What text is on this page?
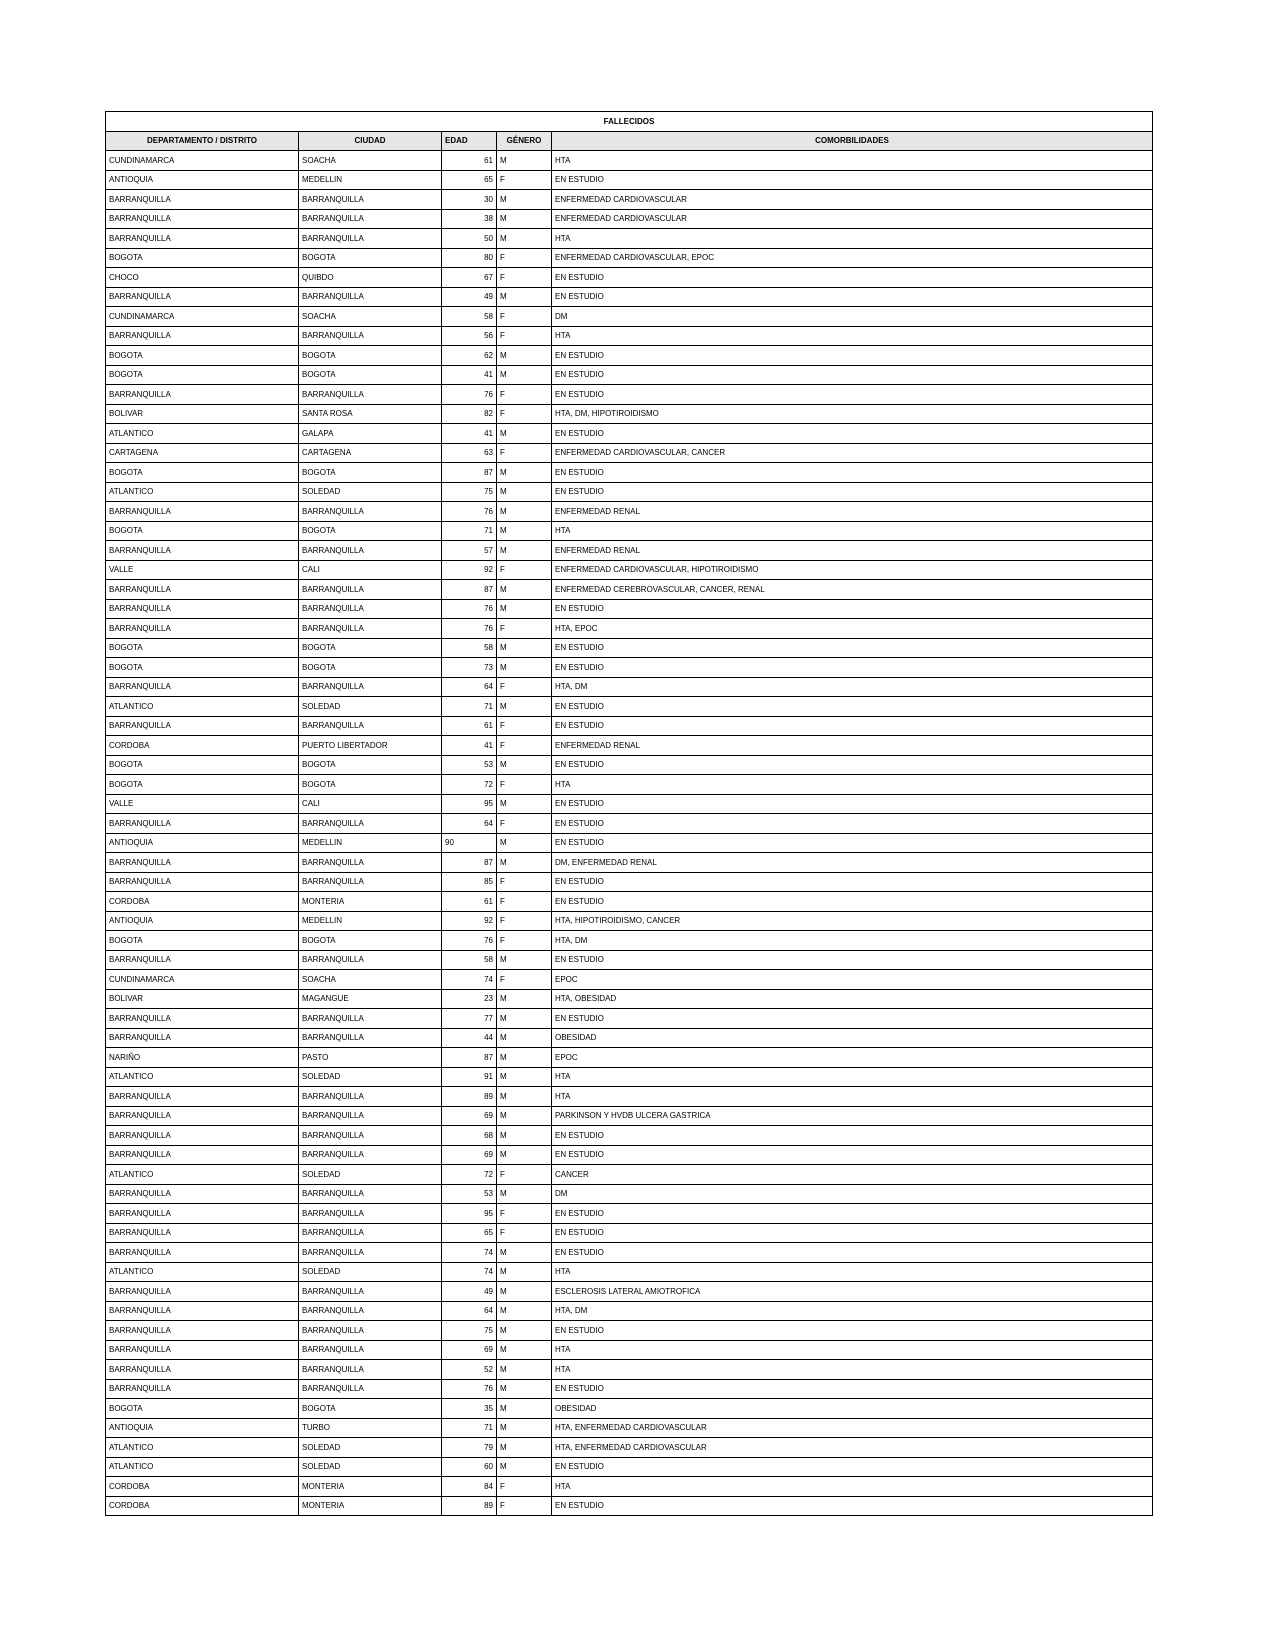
FALLECIDOS				
DEPARTAMENTO / DISTRITO	CIUDAD	EDAD	GÉNERO	COMORBILIDADES
CUNDINAMARCA	SOACHA	61	M	HTA
ANTIOQUIA	MEDELLIN	65	F	EN ESTUDIO
BARRANQUILLA	BARRANQUILLA	30	M	ENFERMEDAD CARDIOVASCULAR
BARRANQUILLA	BARRANQUILLA	38	M	ENFERMEDAD CARDIOVASCULAR
BARRANQUILLA	BARRANQUILLA	50	M	HTA
BOGOTA	BOGOTA	80	F	ENFERMEDAD CARDIOVASCULAR, EPOC
CHOCO	QUIBDO	67	F	EN ESTUDIO
BARRANQUILLA	BARRANQUILLA	49	M	EN ESTUDIO
CUNDINAMARCA	SOACHA	58	F	DM
BARRANQUILLA	BARRANQUILLA	56	F	HTA
BOGOTA	BOGOTA	62	M	EN ESTUDIO
BOGOTA	BOGOTA	41	M	EN ESTUDIO
BARRANQUILLA	BARRANQUILLA	76	F	EN ESTUDIO
BOLIVAR	SANTA ROSA	82	F	HTA, DM, HIPOTIROIDISMO
ATLANTICO	GALAPA	41	M	EN ESTUDIO
CARTAGENA	CARTAGENA	63	F	ENFERMEDAD CARDIOVASCULAR, CANCER
BOGOTA	BOGOTA	87	M	EN ESTUDIO
ATLANTICO	SOLEDAD	75	M	EN ESTUDIO
BARRANQUILLA	BARRANQUILLA	76	M	ENFERMEDAD RENAL
BOGOTA	BOGOTA	71	M	HTA
BARRANQUILLA	BARRANQUILLA	57	M	ENFERMEDAD RENAL
VALLE	CALI	92	F	ENFERMEDAD CARDIOVASCULAR, HIPOTIROIDISMO
BARRANQUILLA	BARRANQUILLA	87	M	ENFERMEDAD CEREBROVASCULAR, CANCER, RENAL
BARRANQUILLA	BARRANQUILLA	76	M	EN ESTUDIO
BARRANQUILLA	BARRANQUILLA	76	F	HTA, EPOC
BOGOTA	BOGOTA	58	M	EN ESTUDIO
BOGOTA	BOGOTA	73	M	EN ESTUDIO
BARRANQUILLA	BARRANQUILLA	64	F	HTA, DM
ATLANTICO	SOLEDAD	71	M	EN ESTUDIO
BARRANQUILLA	BARRANQUILLA	61	F	EN ESTUDIO
CORDOBA	PUERTO LIBERTADOR	41	F	ENFERMEDAD RENAL
BOGOTA	BOGOTA	53	M	EN ESTUDIO
BOGOTA	BOGOTA	72	F	HTA
VALLE	CALI	95	M	EN ESTUDIO
BARRANQUILLA	BARRANQUILLA	64	F	EN ESTUDIO
ANTIOQUIA	MEDELLIN	90	M	EN ESTUDIO
BARRANQUILLA	BARRANQUILLA	87	M	DM, ENFERMEDAD RENAL
BARRANQUILLA	BARRANQUILLA	85	F	EN ESTUDIO
CORDOBA	MONTERIA	61	F	EN ESTUDIO
ANTIOQUIA	MEDELLIN	92	F	HTA, HIPOTIROIDISMO, CANCER
BOGOTA	BOGOTA	76	F	HTA, DM
BARRANQUILLA	BARRANQUILLA	58	M	EN ESTUDIO
CUNDINAMARCA	SOACHA	74	F	EPOC
BOLIVAR	MAGANGUE	23	M	HTA, OBESIDAD
BARRANQUILLA	BARRANQUILLA	77	M	EN ESTUDIO
BARRANQUILLA	BARRANQUILLA	44	M	OBESIDAD
NARIÑO	PASTO	87	M	EPOC
ATLANTICO	SOLEDAD	91	M	HTA
BARRANQUILLA	BARRANQUILLA	89	M	HTA
BARRANQUILLA	BARRANQUILLA	69	M	PARKINSON Y HVDB ULCERA GASTRICA
BARRANQUILLA	BARRANQUILLA	68	M	EN ESTUDIO
BARRANQUILLA	BARRANQUILLA	69	M	EN ESTUDIO
ATLANTICO	SOLEDAD	72	F	CANCER
BARRANQUILLA	BARRANQUILLA	53	M	DM
BARRANQUILLA	BARRANQUILLA	95	F	EN ESTUDIO
BARRANQUILLA	BARRANQUILLA	65	F	EN ESTUDIO
BARRANQUILLA	BARRANQUILLA	74	M	EN ESTUDIO
ATLANTICO	SOLEDAD	74	M	HTA
BARRANQUILLA	BARRANQUILLA	49	M	ESCLEROSIS LATERAL AMIOTROFICA
BARRANQUILLA	BARRANQUILLA	64	M	HTA, DM
BARRANQUILLA	BARRANQUILLA	75	M	EN ESTUDIO
BARRANQUILLA	BARRANQUILLA	69	M	HTA
BARRANQUILLA	BARRANQUILLA	52	M	HTA
BARRANQUILLA	BARRANQUILLA	76	M	EN ESTUDIO
BOGOTA	BOGOTA	35	M	OBESIDAD
ANTIOQUIA	TURBO	71	M	HTA, ENFERMEDAD CARDIOVASCULAR
ATLANTICO	SOLEDAD	79	M	HTA, ENFERMEDAD CARDIOVASCULAR
ATLANTICO	SOLEDAD	60	M	EN ESTUDIO
CORDOBA	MONTERIA	84	F	HTA
CORDOBA	MONTERIA	89	F	EN ESTUDIO
